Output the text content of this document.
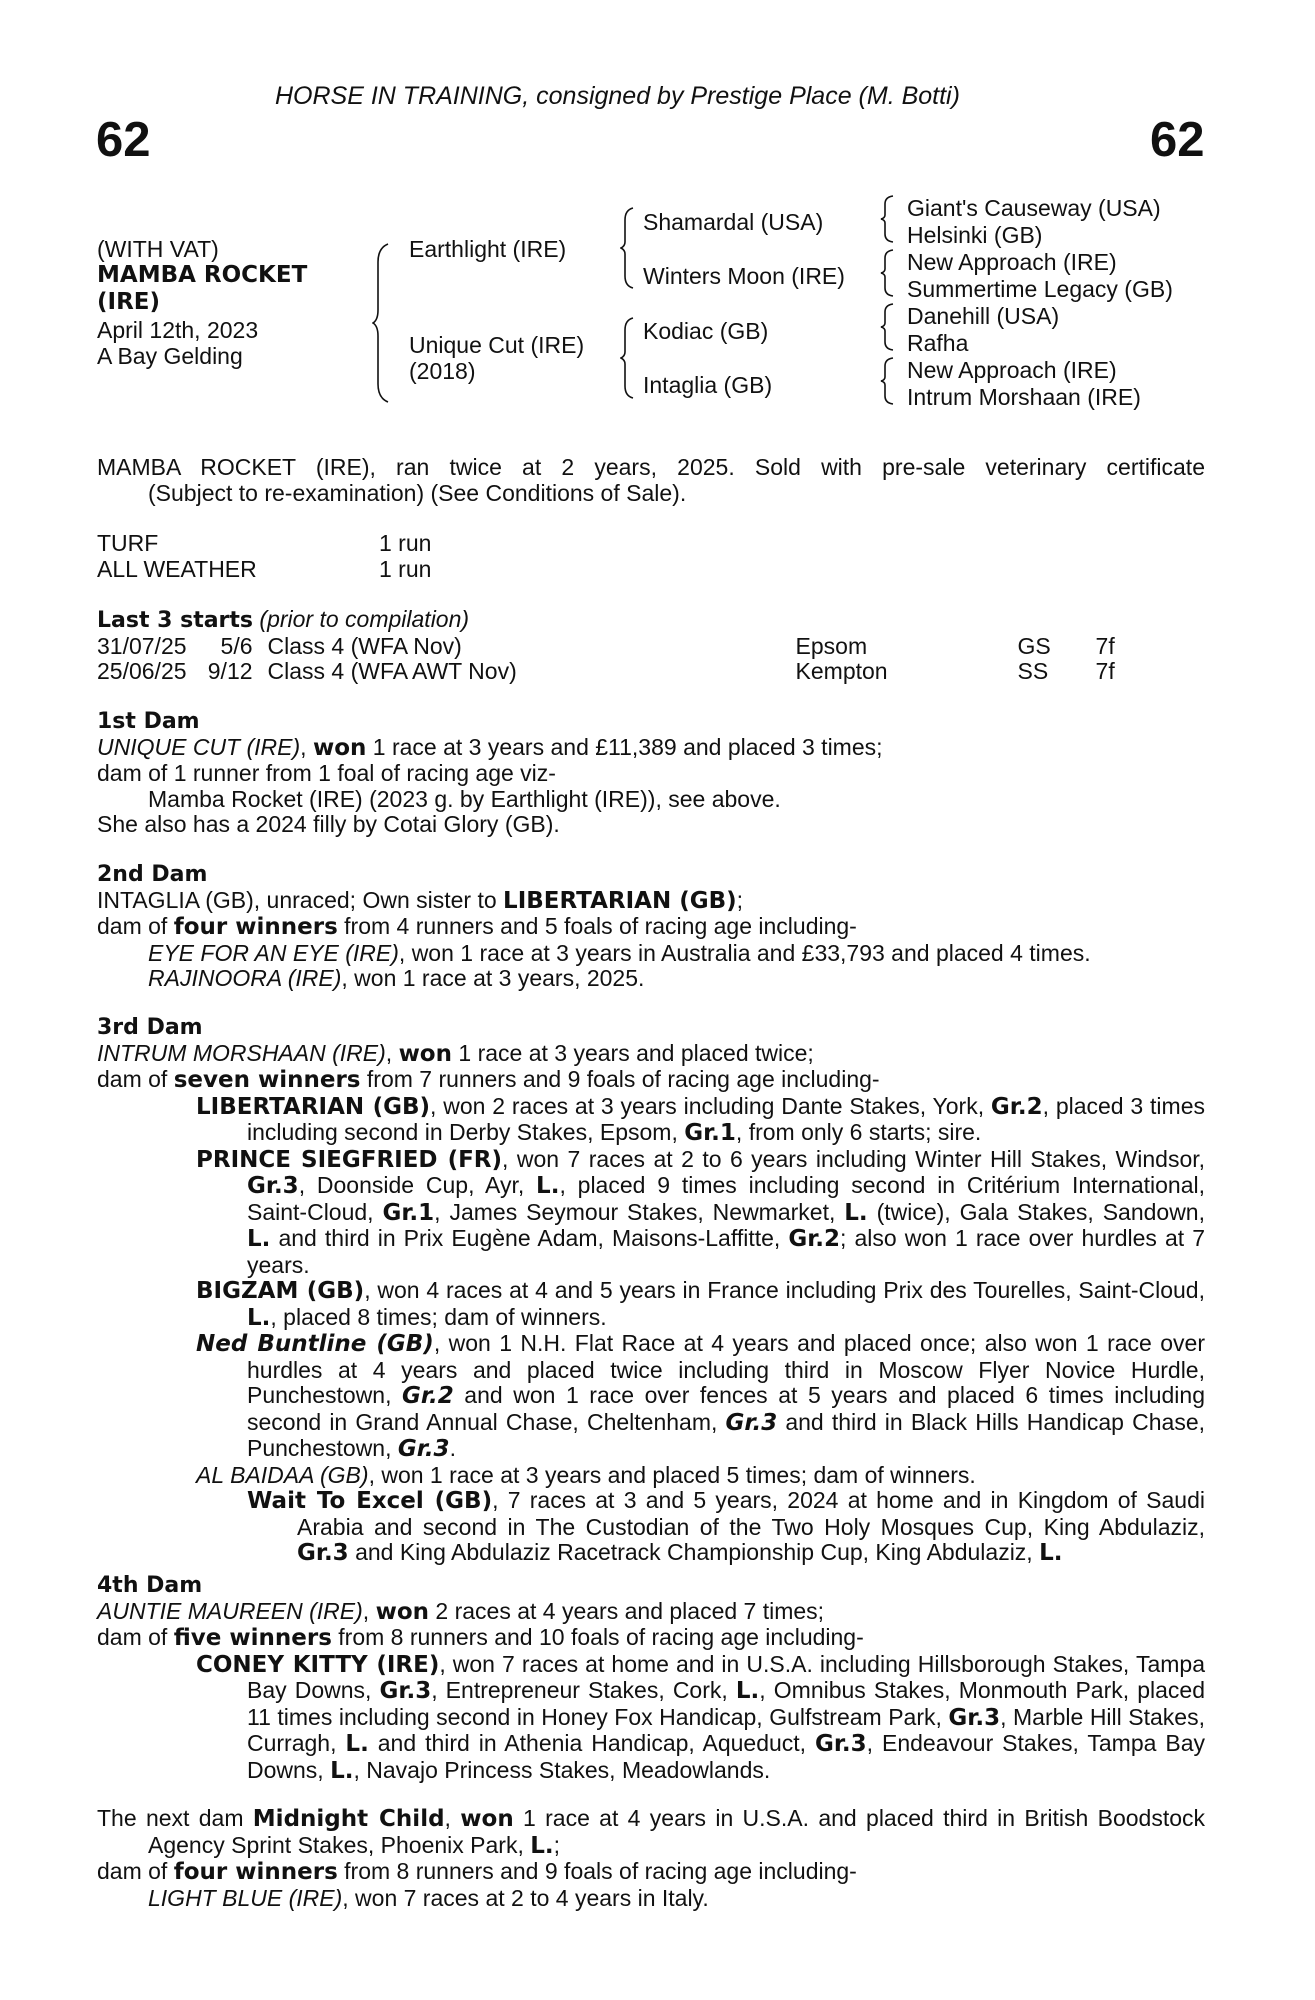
HORSE IN TRAINING, consigned by Prestige Place (M. Botti)
62	62
(WITH VAT)
MAMBA ROCKET
(IRE)
April 12th, 2023
A Bay Gelding
Earthlight (IRE)
Unique Cut (IRE)
(2018)
Shamardal (USA)
Winters Moon (IRE)
Kodiac (GB)
Intaglia (GB)
Giant's Causeway (USA)
Helsinki (GB)
New Approach (IRE)
Summertime Legacy (GB)
Danehill (USA)
Rafha
New Approach (IRE)
Intrum Morshaan (IRE)

MAMBA ROCKET (IRE), ran twice at 2 years, 2025. Sold with pre-sale veterinary certificate

(Subject to re-examination) (See Conditions of Sale).

TURF	1 run

ALL WEATHER	1 run

Last 3 starts (prior to compilation)

31/07/25	5/6	Class 4 (WFA Nov)	Epsom	GS	7f
25/06/25	9/12	Class 4 (WFA AWT Nov)	Kempton	SS	7f

1st Dam

UNIQUE CUT (IRE), won 1 race at 3 years and £11,389 and placed 3 times;

dam of 1 runner from 1 foal of racing age viz-

Mamba Rocket (IRE) (2023 g. by Earthlight (IRE)), see above.

She also has a 2024 filly by Cotai Glory (GB).

2nd Dam

INTAGLIA (GB), unraced; Own sister to LIBERTARIAN (GB);

dam of four winners from 4 runners and 5 foals of racing age including-

EYE FOR AN EYE (IRE), won 1 race at 3 years in Australia and £33,793 and placed 4 times.

RAJINOORA (IRE), won 1 race at 3 years, 2025.

3rd Dam

INTRUM MORSHAAN (IRE), won 1 race at 3 years and placed twice;

dam of seven winners from 7 runners and 9 foals of racing age including-

LIBERTARIAN (GB), won 2 races at 3 years including Dante Stakes, York, Gr.2, placed 3 times including second in Derby Stakes, Epsom, Gr.1, from only 6 starts; sire.

PRINCE SIEGFRIED (FR), won 7 races at 2 to 6 years including Winter Hill Stakes, Windsor, Gr.3, Doonside Cup, Ayr, L., placed 9 times including second in Critérium International, Saint-Cloud, Gr.1, James Seymour Stakes, Newmarket, L. (twice), Gala Stakes, Sandown, L. and third in Prix Eugène Adam, Maisons-Laffitte, Gr.2; also won 1 race over hurdles at 7 years.

BIGZAM (GB), won 4 races at 4 and 5 years in France including Prix des Tourelles, Saint-Cloud, L., placed 8 times; dam of winners.

Ned Buntline (GB), won 1 N.H. Flat Race at 4 years and placed once; also won 1 race over hurdles at 4 years and placed twice including third in Moscow Flyer Novice Hurdle, Punchestown, Gr.2 and won 1 race over fences at 5 years and placed 6 times including second in Grand Annual Chase, Cheltenham, Gr.3 and third in Black Hills Handicap Chase, Punchestown, Gr.3.

AL BAIDAA (GB), won 1 race at 3 years and placed 5 times; dam of winners.

Wait To Excel (GB), 7 races at 3 and 5 years, 2024 at home and in Kingdom of Saudi Arabia and second in The Custodian of the Two Holy Mosques Cup, King Abdulaziz, Gr.3 and King Abdulaziz Racetrack Championship Cup, King Abdulaziz, L.

4th Dam

AUNTIE MAUREEN (IRE), won 2 races at 4 years and placed 7 times;

dam of five winners from 8 runners and 10 foals of racing age including-

CONEY KITTY (IRE), won 7 races at home and in U.S.A. including Hillsborough Stakes, Tampa Bay Downs, Gr.3, Entrepreneur Stakes, Cork, L., Omnibus Stakes, Monmouth Park, placed 11 times including second in Honey Fox Handicap, Gulfstream Park, Gr.3, Marble Hill Stakes, Curragh, L. and third in Athenia Handicap, Aqueduct, Gr.3, Endeavour Stakes, Tampa Bay Downs, L., Navajo Princess Stakes, Meadowlands.

The next dam Midnight Child, won 1 race at 4 years in U.S.A. and placed third in British Boodstock Agency Sprint Stakes, Phoenix Park, L.;

dam of four winners from 8 runners and 9 foals of racing age including-

LIGHT BLUE (IRE), won 7 races at 2 to 4 years in Italy.
